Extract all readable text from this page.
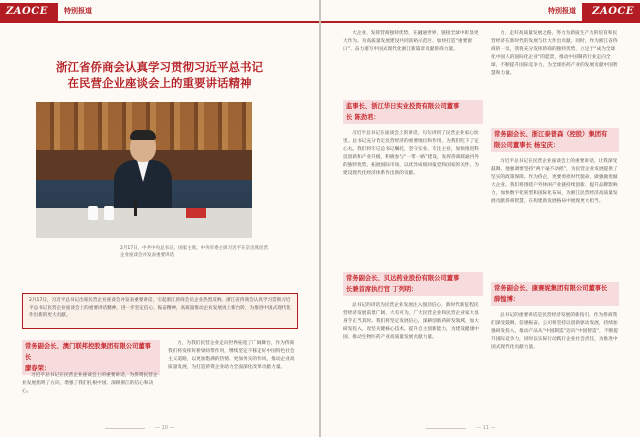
ZAOCE	特别报道
浙江省侨商会认真学习贯彻习近平总书记
在民营企业座谈会上的重要讲话精神
2月17日，中共中央总书记、国家主席、中央军委主席习近平在京出席民营企业座谈会并发表重要讲话
2月17日，习近平总书记出席民营企业座谈会并发表重要讲话，引起浙江侨商会员企业热烈反响。浙江省侨商会认真学习贯彻习近平总书记民营企业座谈会上的重要讲话精神，进一步坚定信心、振奋精神，高质量推动企业发展再上新台阶，为推进中国式现代化作出新的更大贡献。
常务副会长、澳门联邦控股集团有限公司董事长
廖春荣：

习近平总书记在民营企业座谈会上的重要讲话，为侨资民营企业发展指明了方向，增强了我们扎根中国、深耕浙江的信心和决心。

力，为我们民营企业走向世界拓宽了广阔舞台，作为侨商我们将发挥好桥梁纽带作用，继续坚定不移走好中国特色社会主义道路，以更加饱满的热情、更加务实的作风，推动企业高质量发展，为打造侨资企业助力全面深化改革贡献力量。

— 10 —
ZAOCE
特别报道

大企业、发挥营商独特优势，在融通世界、链接全球中彰显更大作为。为高质量发展建设共同富裕示范区、加快打造“重要窗口”、奋力谱写中国式现代化浙江新篇章贡献侨商力量。

监事长、浙江华日实业投资有限公司董事
长 陈劲君：

习近平总书记在座谈会上的讲话，句句讲到了民营企业家心坎里。总书记充分肯定民营经济的重要地位和作用，为我们吃下了定心丸。我们将牢记总书记嘱托，坚守实业、专注主业，加快推进科技创新和产业升级，积极参与“一带一路”建设，发挥侨商联通内外的独特优势，拓展国际市场，以优异成绩回报党和国家的关怀，为建设现代化经济体系作出新的贡献。

常务副会长、贝达药业股份有限公司董事
长兼首席执行官 丁列明：

总书记的讲话为民营企业发展注入强劲信心，新时代新征程民营经济发展前景广阔、大有可为。广大民营企业和民营企业家大显身手正当其时。我们将坚定发展信心，深耕创新药研发领域，加大研发投入，攻坚关键核心技术，提升自主创新能力，为建设健康中国、推动生物医药产业高质量发展贡献力量。

力，走好高质量发展之路，努力为新质生产力的培育和民营经济在新时代的发展与壮大作出贡献。同时，作为浙江省侨商的一员，我将充分发挥侨商的独特优势，立足于“成为全球化中国人的国际化企业”的愿景，推动中国制药行业走向全球，不断提升国际竞争力，为全球医药产业的发展贡献中国智慧和力量。

常务副会长、浙江泰普森（控股）集团有
限公司董事长 杨宝庆：

习近平总书记在民营企业座谈会上的重要讲话，让我深受鼓舞。他强调要坚持“两个毫不动摇”，为民营企业发展提供了坚实的政策保障。作为侨企，更要勇担时代使命，做强做优做大企业。我们将围绕户外休闲产业链持续创新、提升品牌影响力，加快数字化转型和国际化布局，为浙江民营经济高质量发展贡献侨商智慧，在构建新发展格局中展现更大担当。

常务副会长、康赛妮集团有限公司董事长
薛惶博：

总书记的重要讲话是民营经济发展的新指引，作为侨商我们深受鼓舞，倍感振奋。公司将坚持以创新驱动发展，持续加强研发投入，推动产品从“中国制造”迈向“中国智造”，不断提升国际竞争力，同时以实际行动践行企业社会责任，为推进中国式现代化贡献力量。

— 11 —
